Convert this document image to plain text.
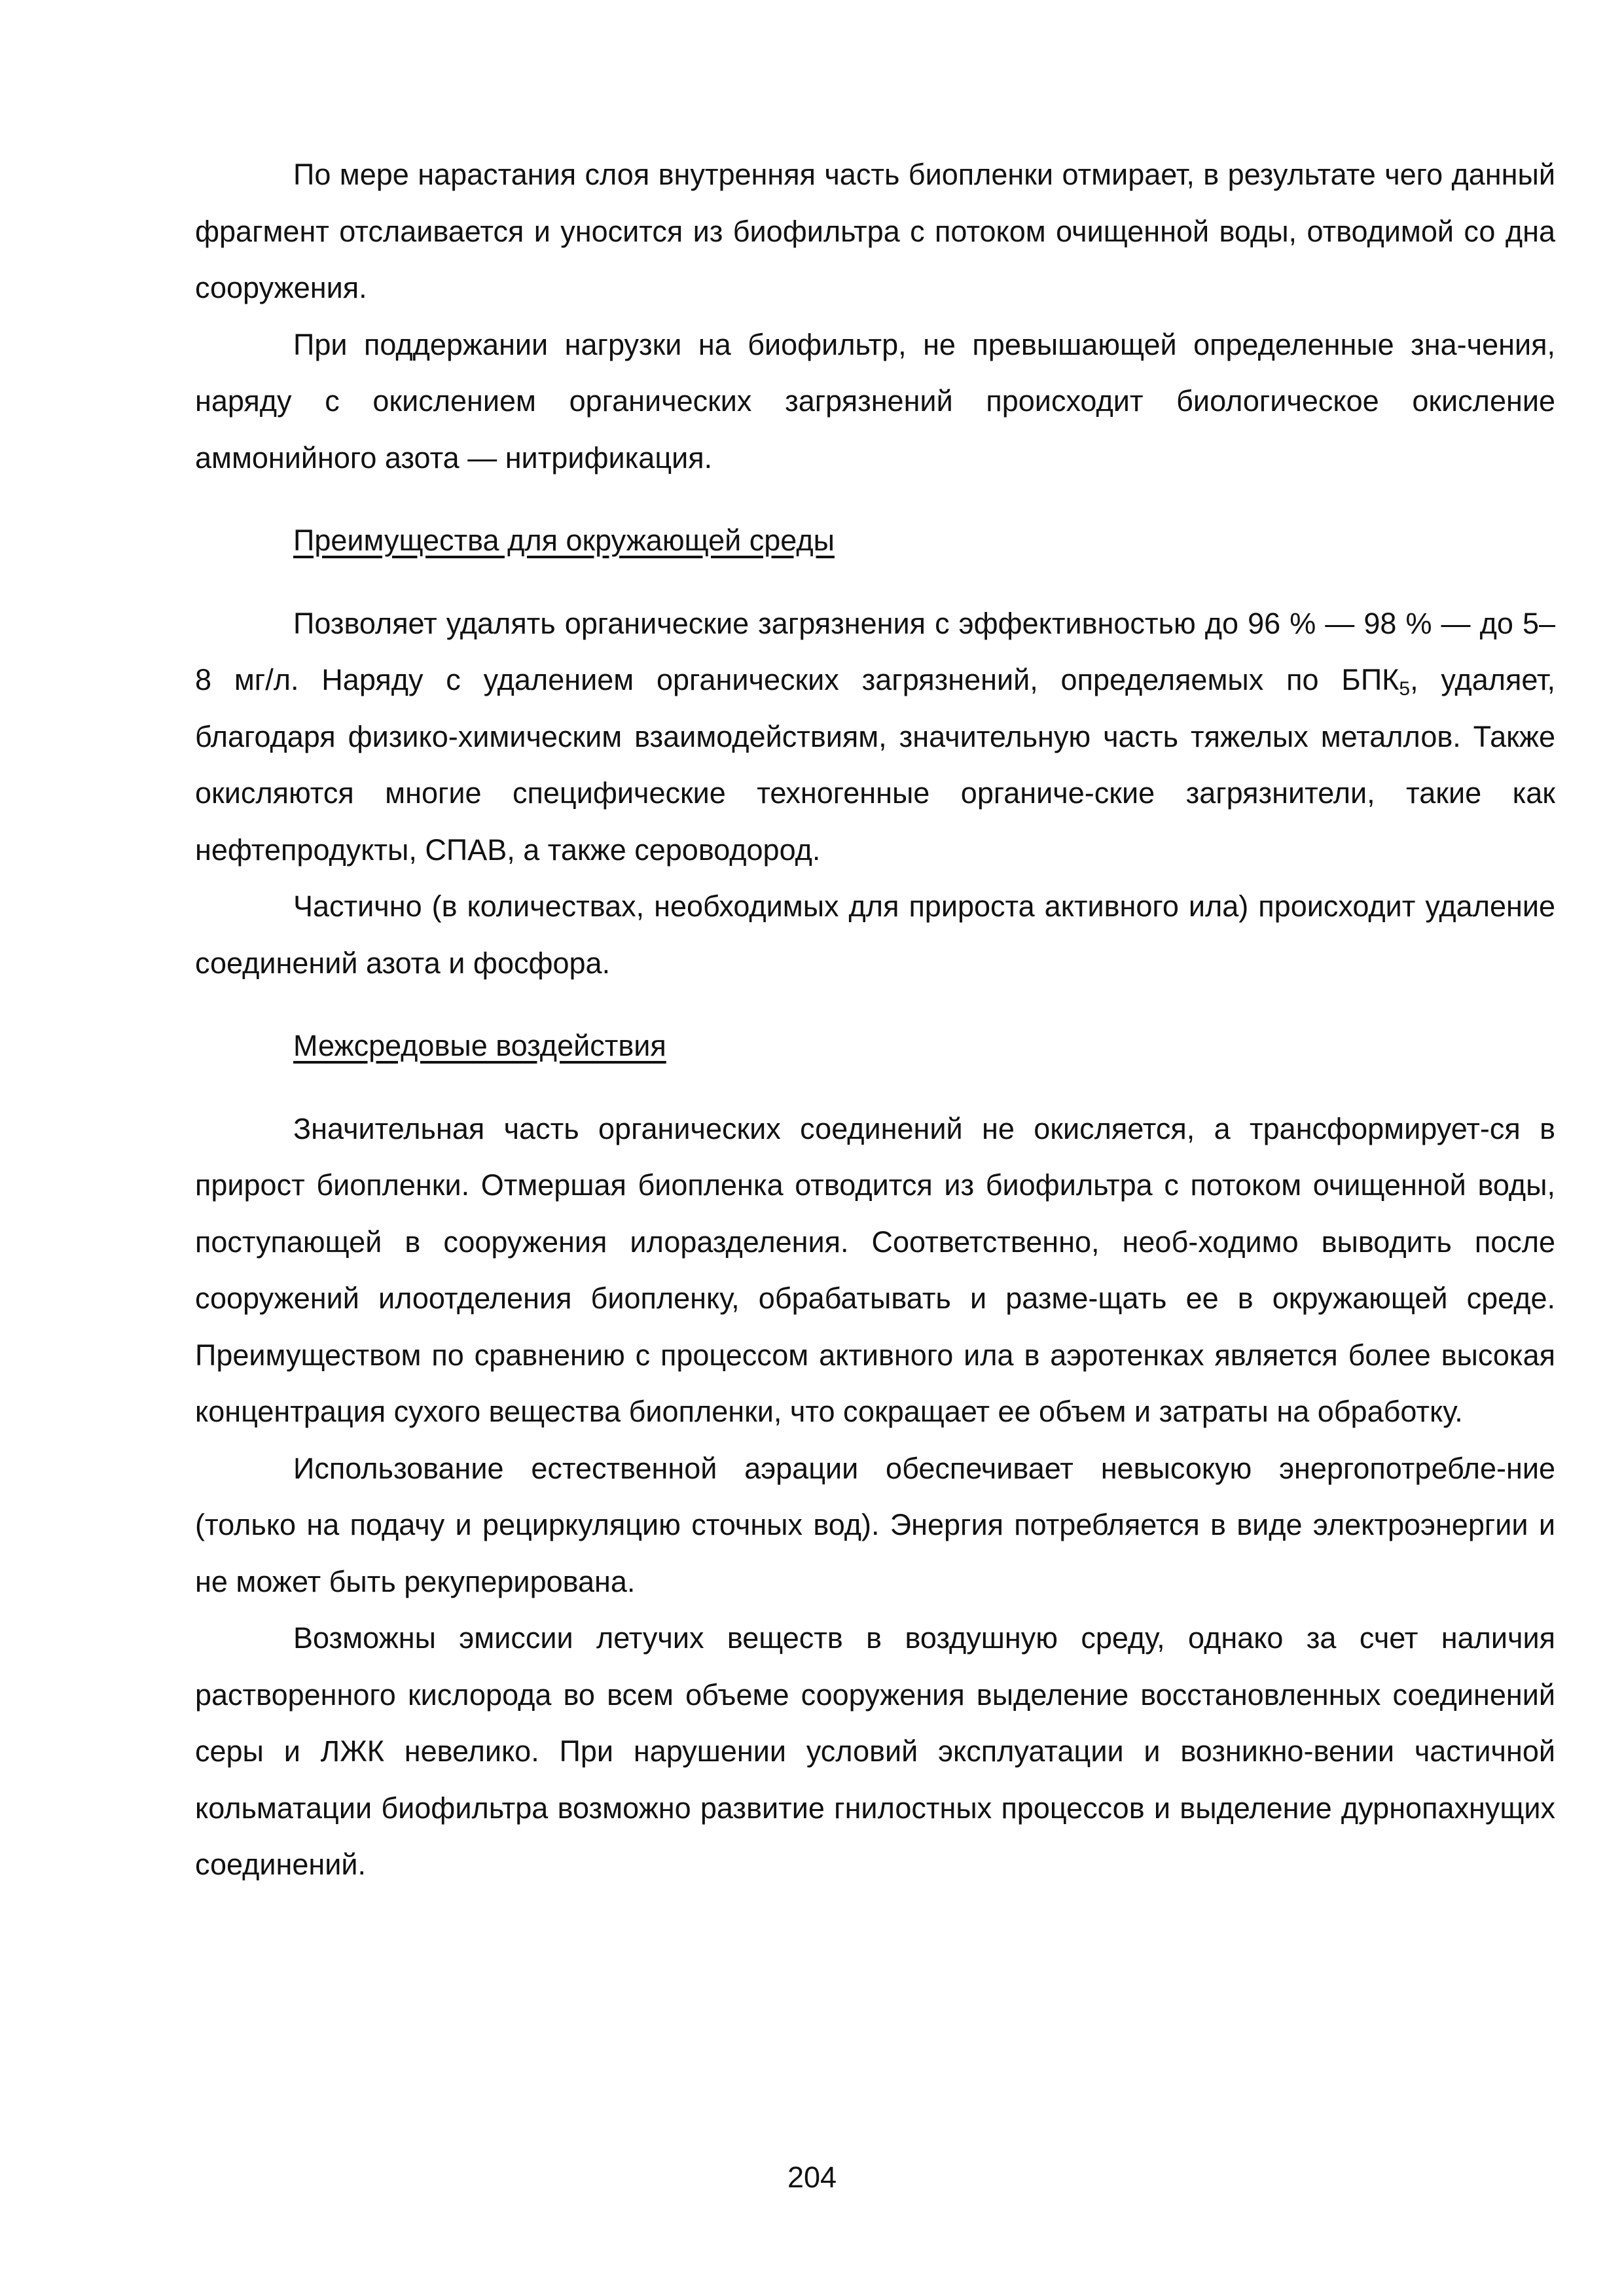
По мере нарастания слоя внутренняя часть биопленки отмирает, в результате чего данный фрагмент отслаивается и уносится из биофильтра с потоком очищенной воды, отводимой со дна сооружения.

При поддержании нагрузки на биофильтр, не превышающей определенные зна-чения, наряду с окислением органических загрязнений происходит биологическое окисление аммонийного азота — нитрификация.

Преимущества для окружающей среды

Позволяет удалять органические загрязнения с эффективностью до 96 % — 98 % — до 5–8 мг/л. Наряду с удалением органических загрязнений, определяемых по $БПК_5$, удаляет, благодаря физико-химическим взаимодействиям, значительную часть тяжелых металлов. Также окисляются многие специфические техногенные органиче-ские загрязнители, такие как нефтепродукты, СПАВ, а также сероводород.

Частично (в количествах, необходимых для прироста активного ила) происходит удаление соединений азота и фосфора.

Межсредовые воздействия

Значительная часть органических соединений не окисляется, а трансформирует-ся в прирост биопленки. Отмершая биопленка отводится из биофильтра с потоком очищенной воды, поступающей в сооружения илоразделения. Соответственно, необ-ходимо выводить после сооружений илоотделения биопленку, обрабатывать и разме-щать ее в окружающей среде. Преимуществом по сравнению с процессом активного ила в аэротенках является более высокая концентрация сухого вещества биопленки, что сокращает ее объем и затраты на обработку.

Использование естественной аэрации обеспечивает невысокую энергопотребле-ние (только на подачу и рециркуляцию сточных вод). Энергия потребляется в виде электроэнергии и не может быть рекуперирована.

Возможны эмиссии летучих веществ в воздушную среду, однако за счет наличия растворенного кислорода во всем объеме сооружения выделение восстановленных соединений серы и ЛЖК невелико. При нарушении условий эксплуатации и возникно-вении частичной кольматации биофильтра возможно развитие гнилостных процессов и выделение дурнопахнущих соединений.

204
